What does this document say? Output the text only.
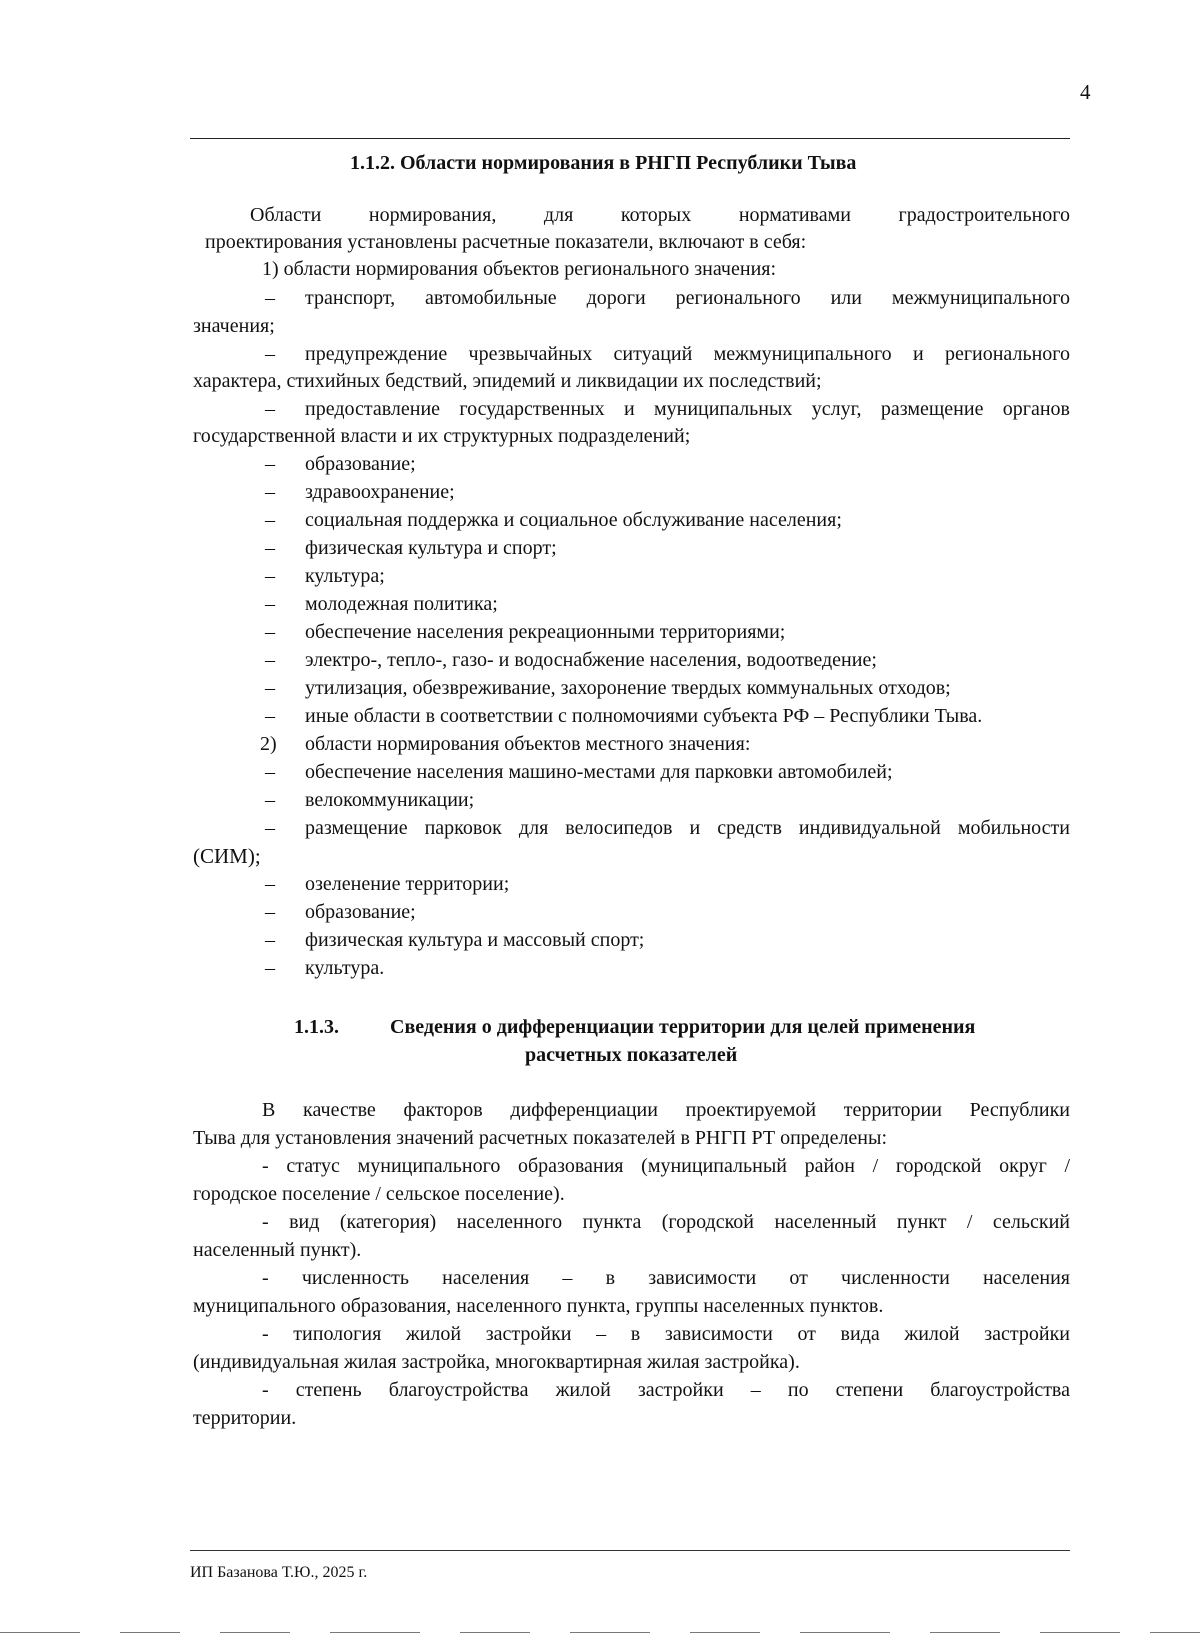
4
1.1.2. Области нормирования в РНГП Республики Тыва
Области нормирования, для которых нормативами градостроительного
проектирования установлены расчетные показатели, включают в себя:
1) области нормирования объектов регионального значения:
– транспорт, автомобильные дороги регионального или межмуниципального
значения;
– предупреждение чрезвычайных ситуаций межмуниципального и регионального
характера, стихийных бедствий, эпидемий и ликвидации их последствий;
– предоставление государственных и муниципальных услуг, размещение органов
государственной власти и их структурных подразделений;
– образование;
– здравоохранение;
– социальная поддержка и социальное обслуживание населения;
– физическая культура и спорт;
– культура;
– молодежная политика;
– обеспечение населения рекреационными территориями;
– электро-, тепло-, газо- и водоснабжение населения, водоотведение;
– утилизация, обезвреживание, захоронение твердых коммунальных отходов;
– иные области в соответствии с полномочиями субъекта РФ – Республики Тыва.
2) области нормирования объектов местного значения:
– обеспечение населения машино-местами для парковки автомобилей;
– велокоммуникации;
– размещение парковок для велосипедов и средств индивидуальной мобильности
(СИМ);
– озеленение территории;
– образование;
– физическая культура и массовый спорт;
– культура.
1.1.3.	Сведения о дифференциации территории для целей применения
расчетных показателей
В качестве факторов дифференциации проектируемой территории Республики
Тыва для установления значений расчетных показателей в РНГП РТ определены:
- статус муниципального образования (муниципальный район / городской округ /
городское поселение / сельское поселение).
- вид (категория) населенного пункта (городской населенный пункт / сельский
населенный пункт).
- численность населения – в зависимости от численности населения
муниципального образования, населенного пункта, группы населенных пунктов.
- типология жилой застройки – в зависимости от вида жилой застройки
(индивидуальная жилая застройка, многоквартирная жилая застройка).
- степень благоустройства жилой застройки – по степени благоустройства
территории.
ИП Базанова Т.Ю., 2025 г.
